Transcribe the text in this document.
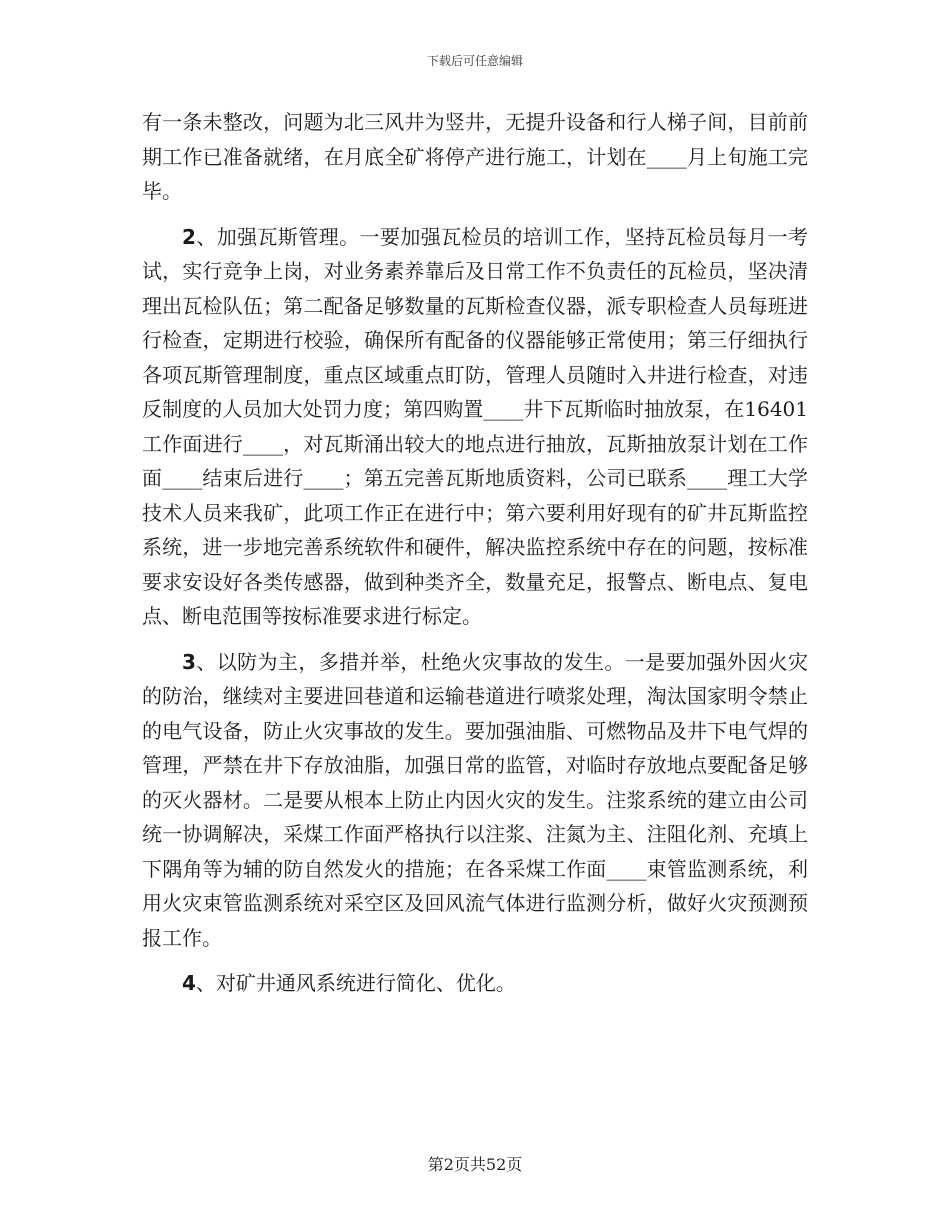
下载后可任意编辑

有一条未整改，问题为北三风井为竖井，无提升设备和行人梯子间，目前前期工作已准备就绪，在月底全矿将停产进行施工，计划在____月上旬施工完毕。

2、加强瓦斯管理。一要加强瓦检员的培训工作，坚持瓦检员每月一考试，实行竞争上岗，对业务素养靠后及日常工作不负责任的瓦检员，坚决清理出瓦检队伍；第二配备足够数量的瓦斯检查仪器，派专职检查人员每班进行检查，定期进行校验，确保所有配备的仪器能够正常使用；第三仔细执行各项瓦斯管理制度，重点区域重点盯防，管理人员随时入井进行检查，对违反制度的人员加大处罚力度；第四购置____井下瓦斯临时抽放泵，在16401工作面进行____，对瓦斯涌出较大的地点进行抽放，瓦斯抽放泵计划在工作面____结束后进行____；第五完善瓦斯地质资料，公司已联系____理工大学技术人员来我矿，此项工作正在进行中；第六要利用好现有的矿井瓦斯监控系统，进一步地完善系统软件和硬件，解决监控系统中存在的问题，按标准要求安设好各类传感器，做到种类齐全，数量充足，报警点、断电点、复电点、断电范围等按标准要求进行标定。

3、以防为主，多措并举，杜绝火灾事故的发生。一是要加强外因火灾的防治，继续对主要进回巷道和运输巷道进行喷浆处理，淘汰国家明令禁止的电气设备，防止火灾事故的发生。要加强油脂、可燃物品及井下电气焊的管理，严禁在井下存放油脂，加强日常的监管，对临时存放地点要配备足够的灭火器材。二是要从根本上防止内因火灾的发生。注浆系统的建立由公司统一协调解决，采煤工作面严格执行以注浆、注氮为主、注阻化剂、充填上下隅角等为辅的防自然发火的措施；在各采煤工作面____束管监测系统，利用火灾束管监测系统对采空区及回风流气体进行监测分析，做好火灾预测预报工作。

4、对矿井通风系统进行简化、优化。

第2页共52页
